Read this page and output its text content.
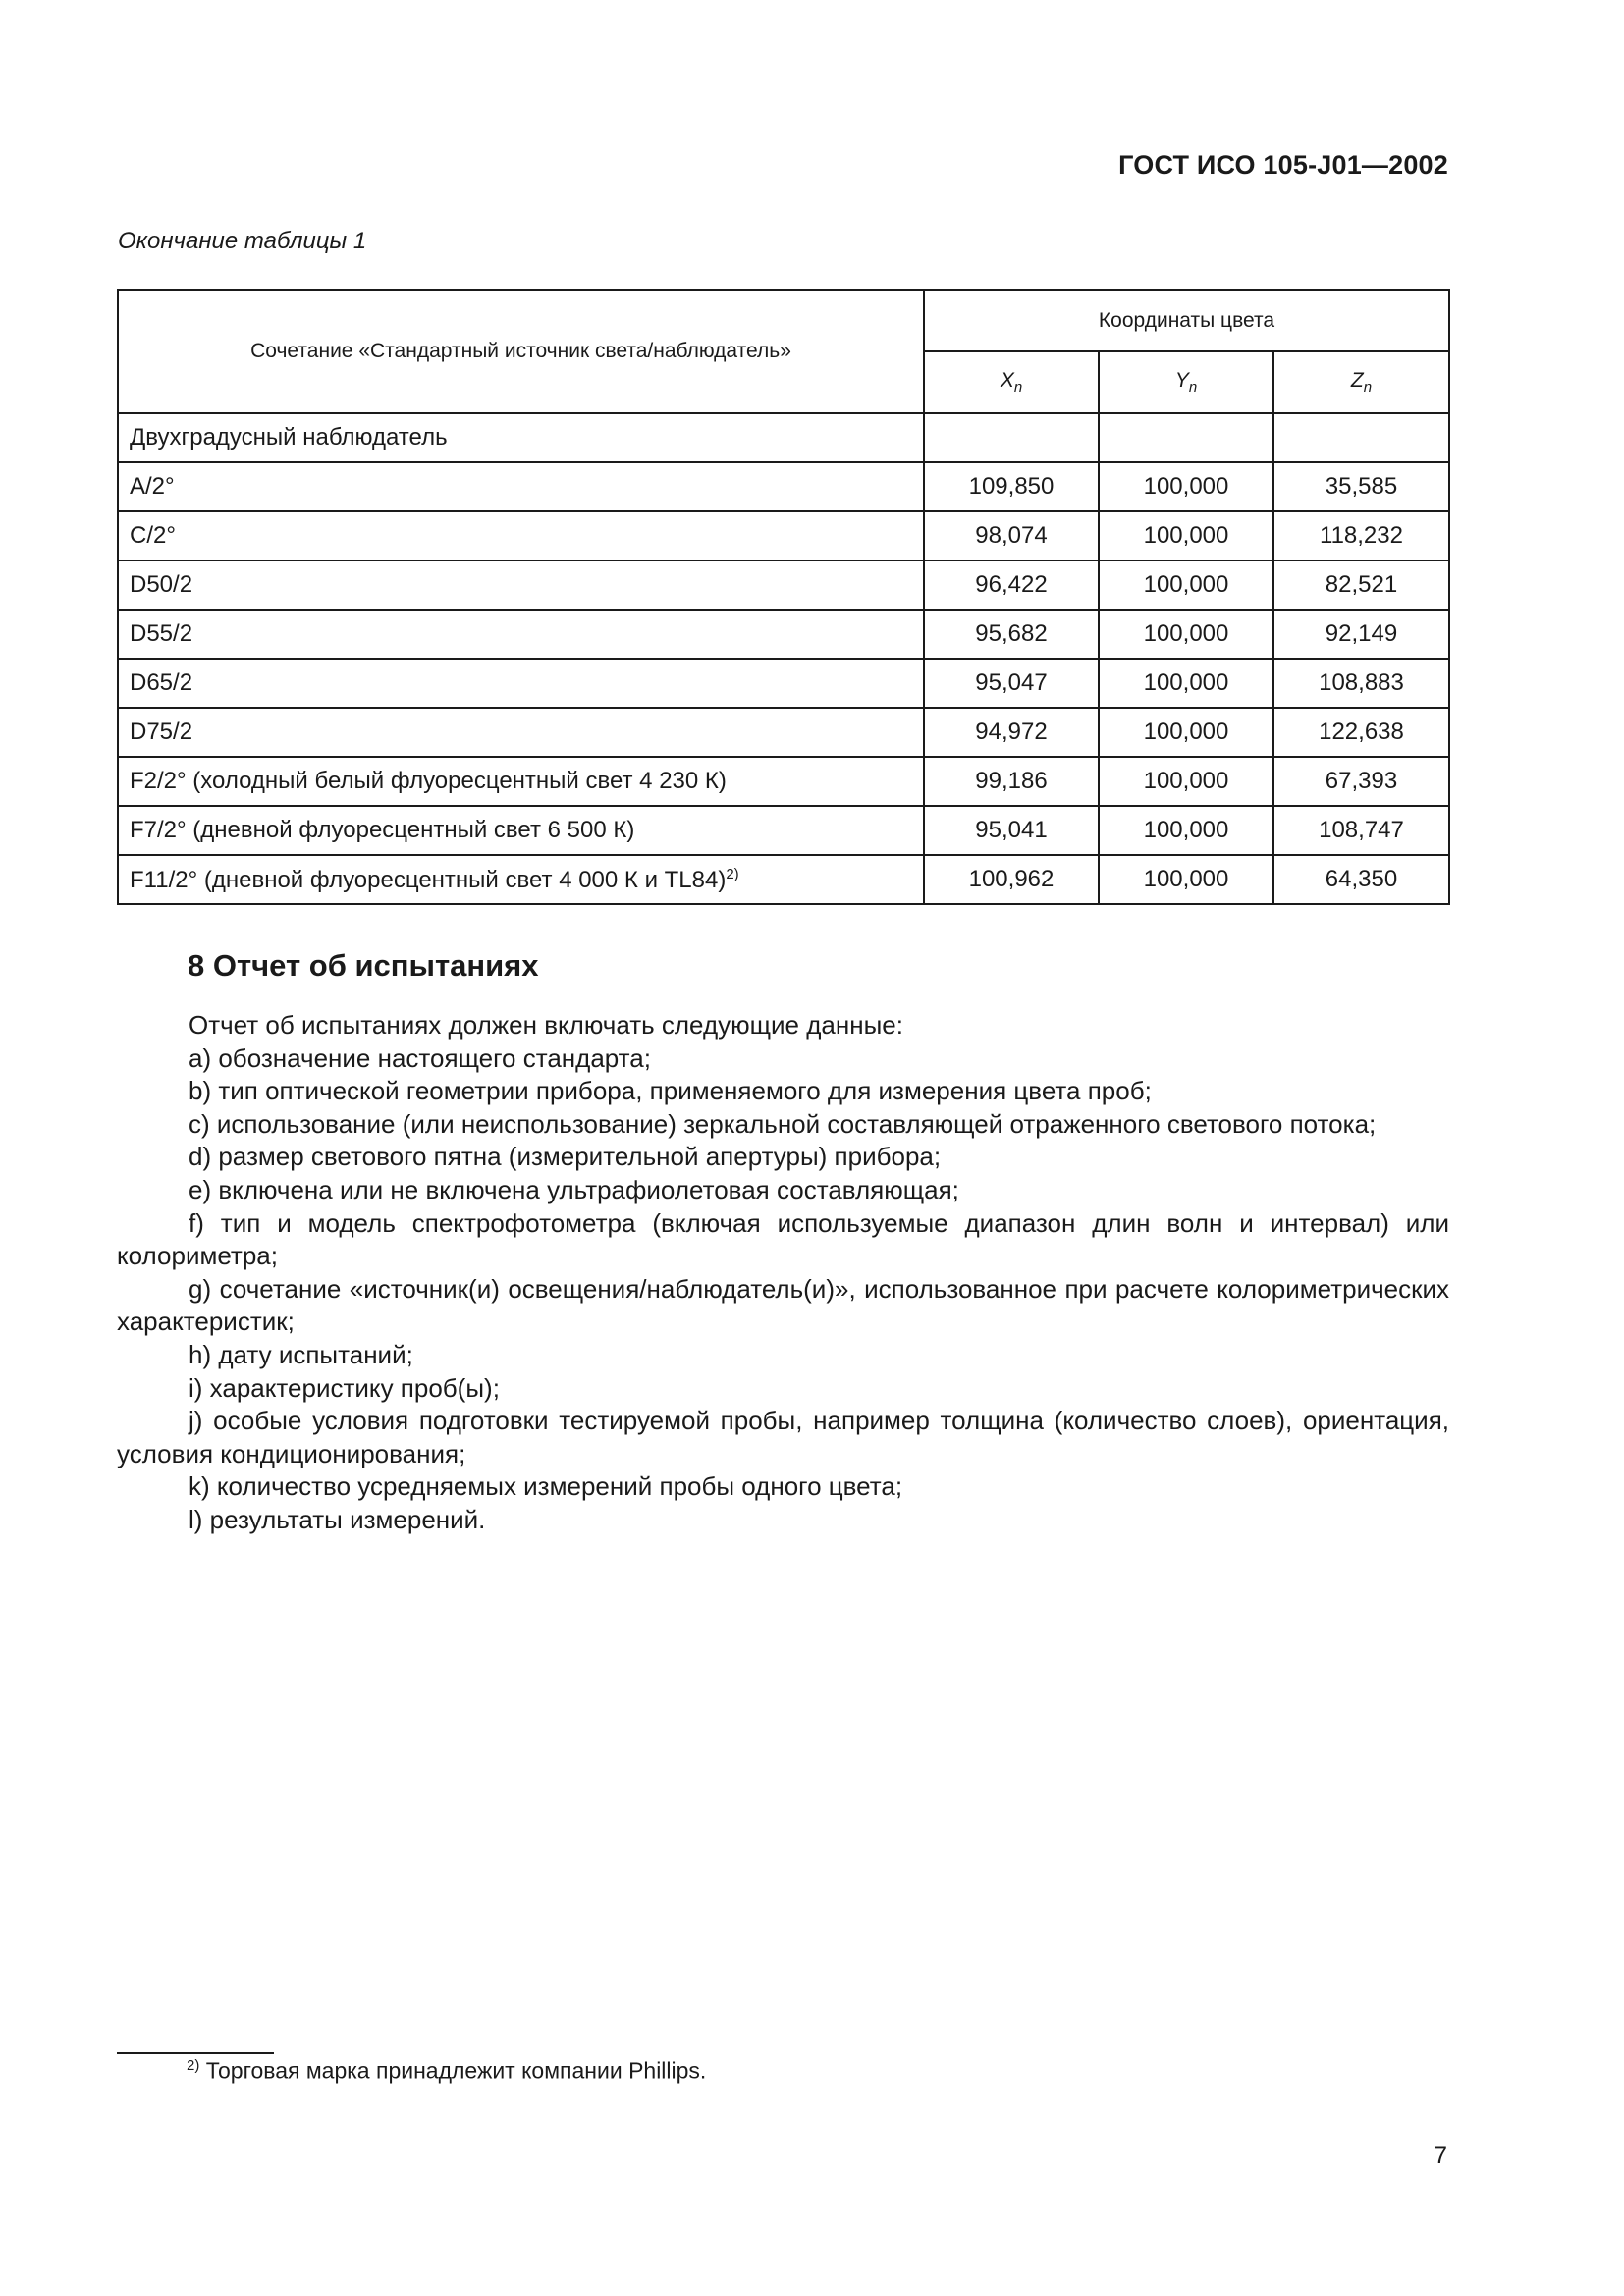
ГОСТ ИСО 105-J01—2002
Окончание таблицы 1
Сочетание «Стандартный источник света/наблюдатель»	Координаты цвета		
	$X_n$	$Y_n$	$Z_n$
Двухградусный наблюдатель			
A/2°	109,850	100,000	35,585
C/2°	98,074	100,000	118,232
D50/2	96,422	100,000	82,521
D55/2	95,682	100,000	92,149
D65/2	95,047	100,000	108,883
D75/2	94,972	100,000	122,638
F2/2° (холодный белый флуоресцентный свет 4 230 К)	99,186	100,000	67,393
F7/2° (дневной флуоресцентный свет 6 500 К)	95,041	100,000	108,747
F11/2° (дневной флуоресцентный свет 4 000 К и TL84)$^{2)}$	100,962	100,000	64,350
8 Отчет об испытаниях

Отчет об испытаниях должен включать следующие данные:

a) обозначение настоящего стандарта;

b) тип оптической геометрии прибора, применяемого для измерения цвета проб;

c) использование (или неиспользование) зеркальной составляющей отраженного светового потока;

d) размер светового пятна (измерительной апертуры) прибора;

e) включена или не включена ультрафиолетовая составляющая;

f) тип и модель спектрофотометра (включая используемые диапазон длин волн и интервал) или колориметра;

g) сочетание «источник(и) освещения/наблюдатель(и)», использованное при расчете колориметрических характеристик;

h) дату испытаний;

i) характеристику проб(ы);

j) особые условия подготовки тестируемой пробы, например толщина (количество слоев), ориентация, условия кондиционирования;

k) количество усредняемых измерений пробы одного цвета;

l) результаты измерений.

$^{2)}$ Торговая марка принадлежит компании Phillips.
7
